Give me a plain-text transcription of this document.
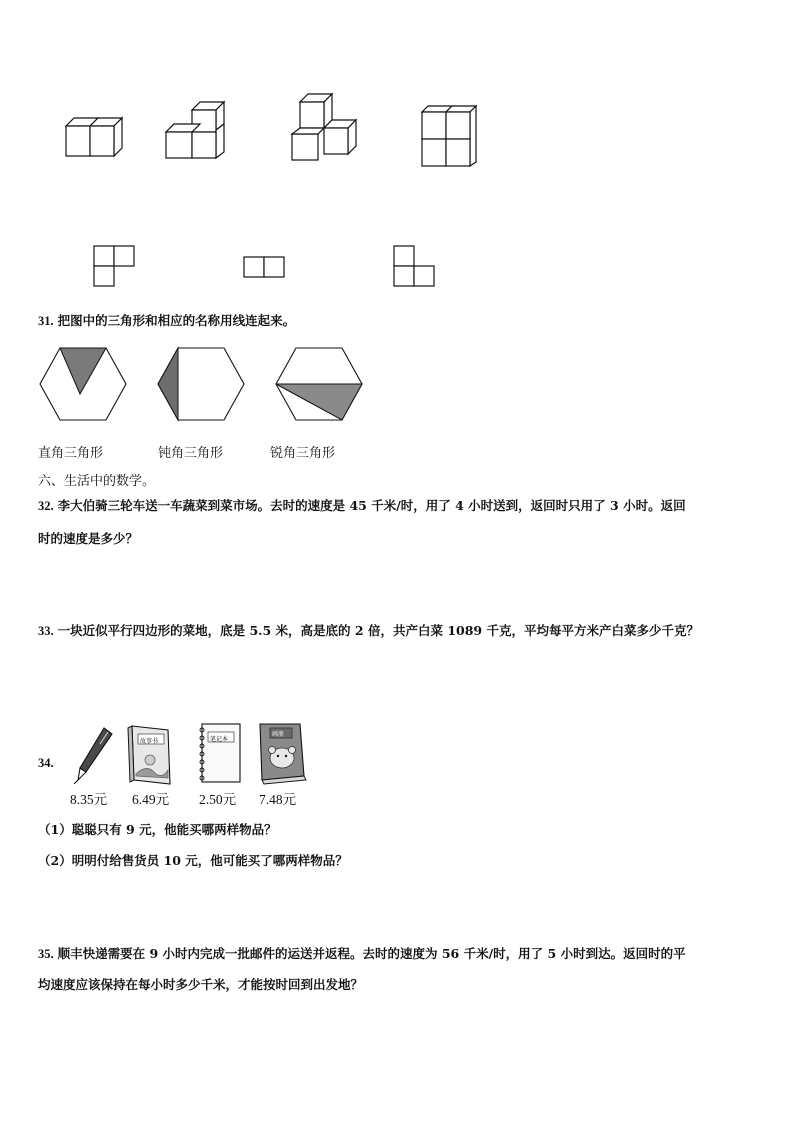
31. 把图中的三角形和相应的名称用线连起来。
直角三角形	钝角三角形	锐角三角形
六、生活中的数学。
32. 李大伯骑三轮车送一车蔬菜到菜市场。去时的速度是 45 千米/时，用了 4 小时送到，返回时只用了 3 小时。返回
时的速度是多少？
33. 一块近似平行四边形的菜地，底是 5.5 米，高是底的 2 倍，共产白菜 1089 千克，平均每平方米产白菜多少千克？
34.
故事书	笔记本
画册
8.35元 6.49元 2.50元 7.48元
（1）聪聪只有 9 元，他能买哪两样物品？
（2）明明付给售货员 10 元，他可能买了哪两样物品？
35. 顺丰快递需要在 9 小时内完成一批邮件的运送并返程。去时的速度为 56 千米/时，用了 5 小时到达。返回时的平
均速度应该保持在每小时多少千米，才能按时回到出发地？
